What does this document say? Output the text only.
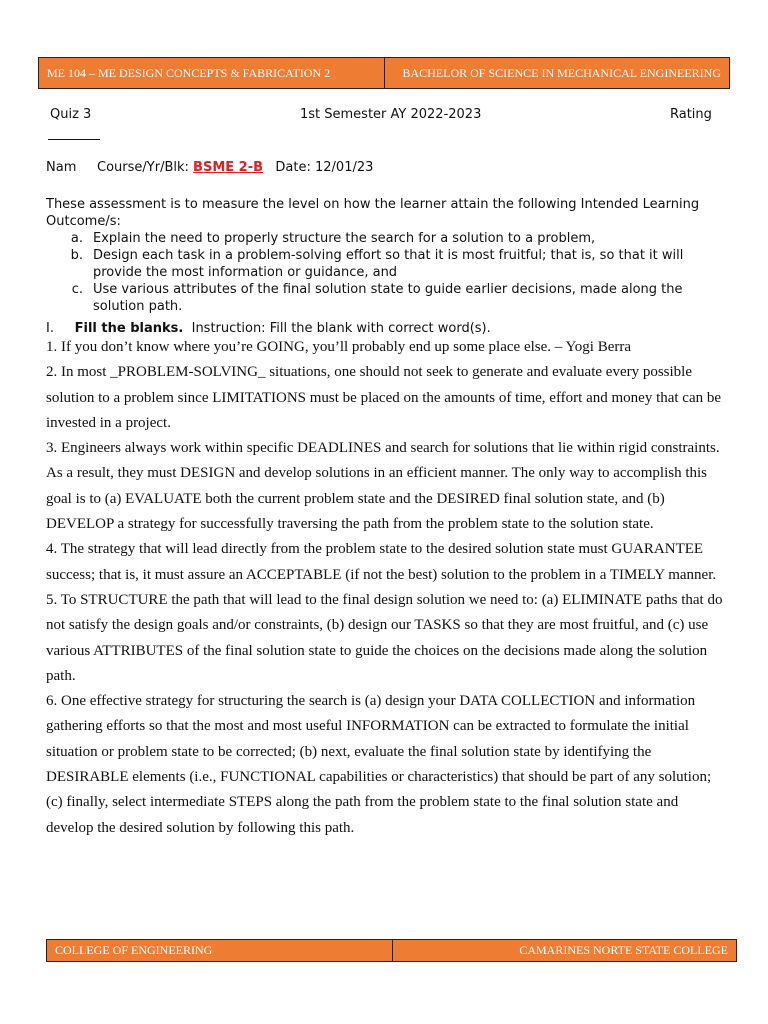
ME 104 – ME DESIGN CONCEPTS & FABRICATION 2	BACHELOR OF SCIENCE IN MECHANICAL ENGINEERING
Quiz 3	1st Semester AY 2022-2023	Rating
Nam Course/Yr/Blk: BSME 2-B Date: 12/01/23
These assessment is to measure the level on how the learner attain the following Intended Learning Outcome/s:
a. Explain the need to properly structure the search for a solution to a problem,
b. Design each task in a problem-solving effort so that it is most fruitful; that is, so that it will provide the most information or guidance, and
c. Use various attributes of the final solution state to guide earlier decisions, made along the solution path.
I. Fill the blanks. Instruction: Fill the blank with correct word(s).

1. If you don’t know where you’re GOING, you’ll probably end up some place else. – Yogi Berra

2. In most _PROBLEM-SOLVING_ situations, one should not seek to generate and evaluate every possible solution to a problem since LIMITATIONS must be placed on the amounts of time, effort and money that can be invested in a project.

3. Engineers always work within specific DEADLINES and search for solutions that lie within rigid constraints. As a result, they must DESIGN and develop solutions in an efficient manner. The only way to accomplish this goal is to (a) EVALUATE both the current problem state and the DESIRED final solution state, and (b) DEVELOP a strategy for successfully traversing the path from the problem state to the solution state.

4. The strategy that will lead directly from the problem state to the desired solution state must GUARANTEE success; that is, it must assure an ACCEPTABLE (if not the best) solution to the problem in a TIMELY manner.

5. To STRUCTURE the path that will lead to the final design solution we need to: (a) ELIMINATE paths that do not satisfy the design goals and/or constraints, (b) design our TASKS so that they are most fruitful, and (c) use various ATTRIBUTES of the final solution state to guide the choices on the decisions made along the solution path.

6. One effective strategy for structuring the search is (a) design your DATA COLLECTION and information gathering efforts so that the most and most useful INFORMATION can be extracted to formulate the initial situation or problem state to be corrected; (b) next, evaluate the final solution state by identifying the DESIRABLE elements (i.e., FUNCTIONAL capabilities or characteristics) that should be part of any solution; (c) finally, select intermediate STEPS along the path from the problem state to the final solution state and develop the desired solution by following this path.

COLLEGE OF ENGINEERING	CAMARINES NORTE STATE COLLEGE
